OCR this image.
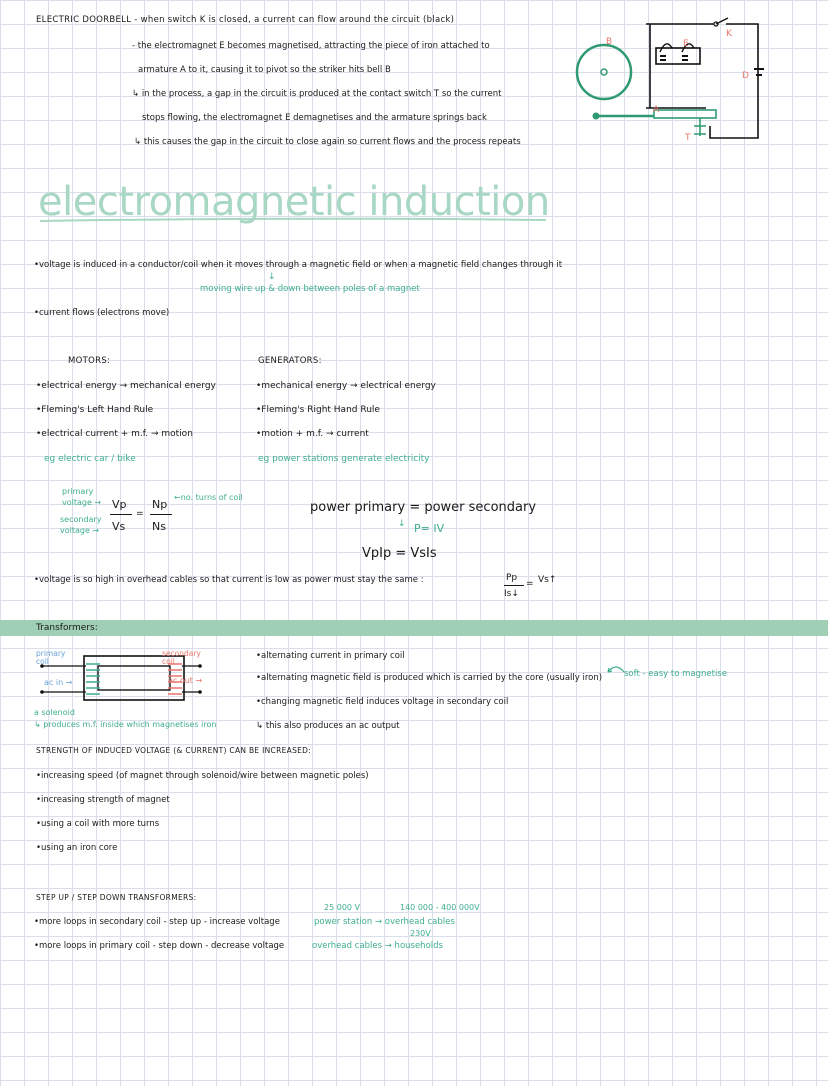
ELECTRIC DOORBELL - when switch K is closed, a current can flow around the circuit (black)
- the electromagnet E becomes magnetised, attracting the piece of iron attached to
armature A to it, causing it to pivot so the striker hits bell B
↳ in the process, a gap in the circuit is produced at the contact switch T so the current
stops flowing, the electromagnet E demagnetises and the armature springs back
↳ this causes the gap in the circuit to close again so current flows and the process repeats
B	E
K
D
A
T
electromagnetic induction
•voltage is induced in a conductor/coil when it moves through a magnetic field or when a magnetic field changes through it
↓
moving wire up & down between poles of a magnet
•current flows (electrons move)
MOTORS:
•electrical energy → mechanical energy
•Fleming's Left Hand Rule
•electrical current + m.f. → motion
eg electric car / bike
GENERATORS:
•mechanical energy → electrical energy
•Fleming's Right Hand Rule
•motion + m.f. → current
eg power stations generate electricity
primary
voltage →
secondary
voltage →
Vp
Vs
=
Np
Ns
←no. turns of coil
power primary = power secondary
↓ P= IV
VpIp = VsIs
•voltage is so high in overhead cables so that current is low as power must stay the same :	Pp
Is↓
= Vs↑
Transformers:
primary coil
secondary coil
ac in →	ac out →
a solenoid
↳ produces m.f. inside which magnetises iron
•alternating current in primary coil
•alternating magnetic field is produced which is carried by the core (usually iron)
•changing magnetic field induces voltage in secondary coil
↳ this also produces an ac output
soft - easy to magnetise
STRENGTH OF INDUCED VOLTAGE (& CURRENT) CAN BE INCREASED:
•increasing speed (of magnet through solenoid/wire between magnetic poles)
•increasing strength of magnet
•using a coil with more turns
•using an iron core
STEP UP / STEP DOWN TRANSFORMERS:
•more loops in secondary coil - step up - increase voltage
•more loops in primary coil - step down - decrease voltage
25 000 V	140 000 - 400 000V
power station → overhead cables
230V
overhead cables → households
